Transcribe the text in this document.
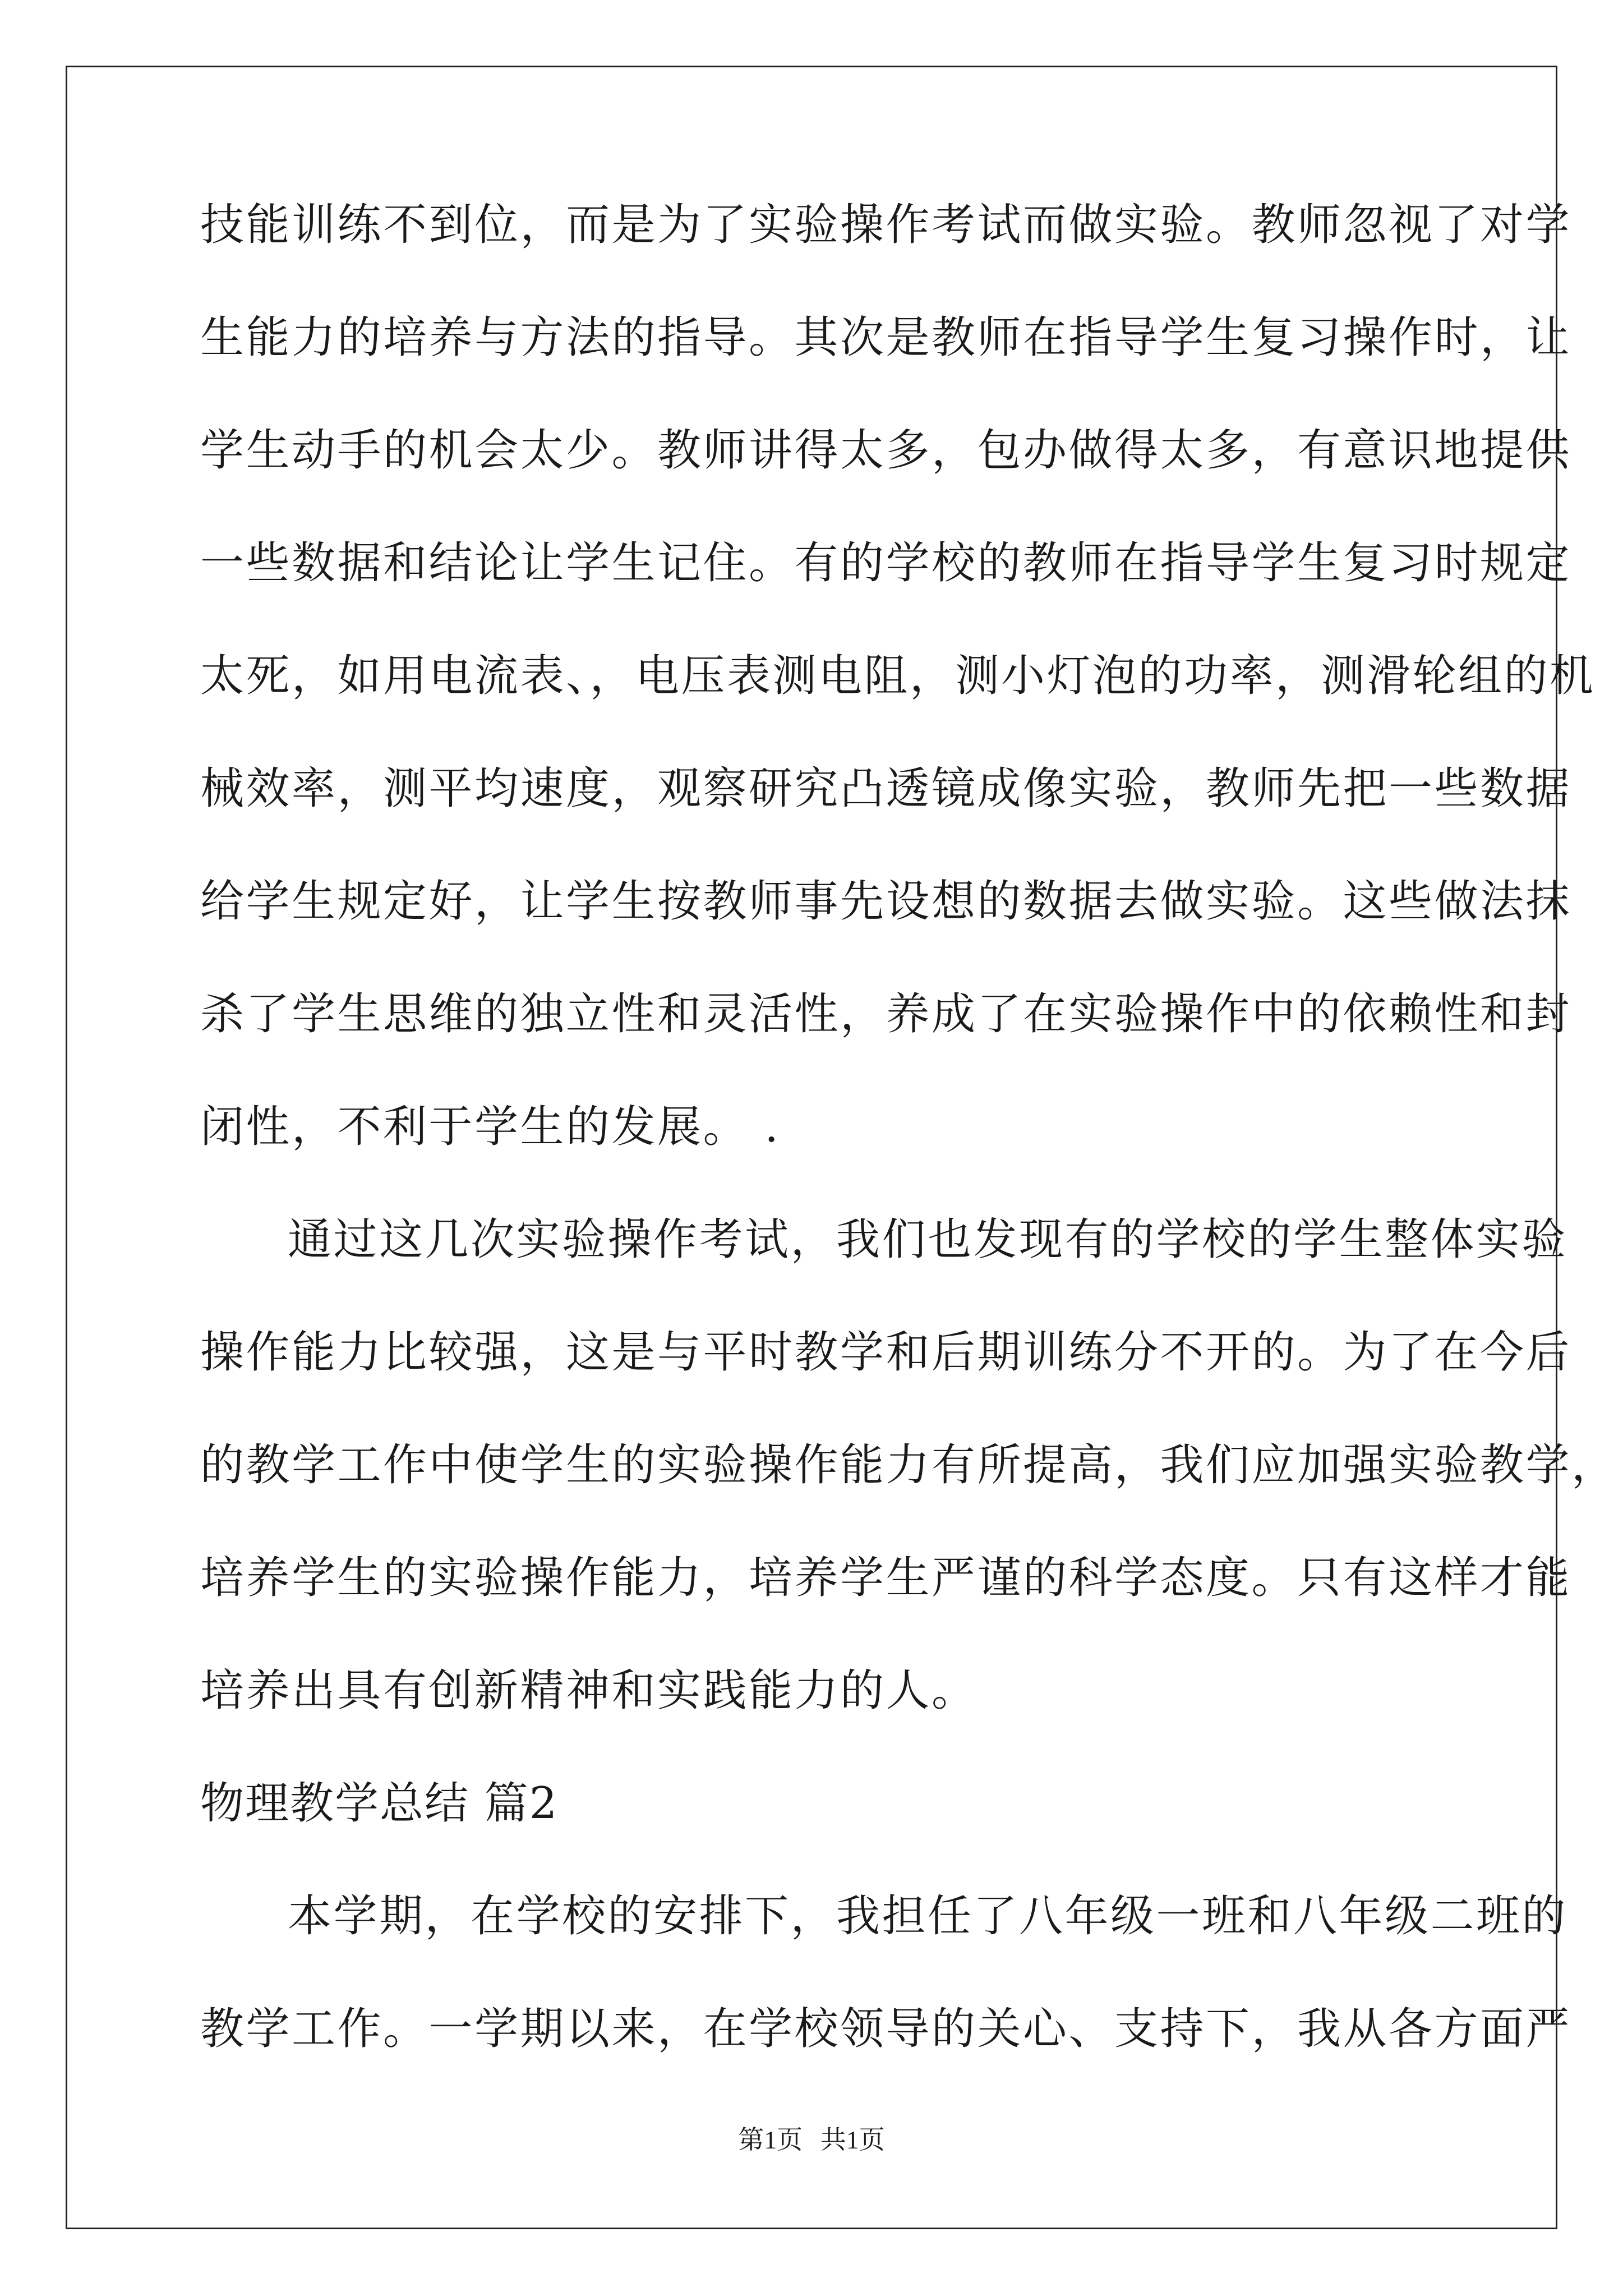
技能训练不到位，而是为了实验操作考试而做实验。教师忽视了对学
生能力的培养与方法的指导。其次是教师在指导学生复习操作时，让
学生动手的机会太少。教师讲得太多，包办做得太多，有意识地提供
一些数据和结论让学生记住。有的学校的教师在指导学生复习时规定
太死，如用电流表、，电压表测电阻，测小灯泡的功率，测滑轮组的机
械效率，测平均速度，观察研究凸透镜成像实验，教师先把一些数据
给学生规定好，让学生按教师事先设想的数据去做实验。这些做法抹
杀了学生思维的独立性和灵活性，养成了在实验操作中的依赖性和封
闭性，不利于学生的发展。 .
通过这几次实验操作考试，我们也发现有的学校的学生整体实验
操作能力比较强，这是与平时教学和后期训练分不开的。为了在今后
的教学工作中使学生的实验操作能力有所提高，我们应加强实验教学，
培养学生的实验操作能力，培养学生严谨的科学态度。只有这样才能
培养出具有创新精神和实践能力的人。
物理教学总结 篇2
本学期，在学校的安排下，我担任了八年级一班和八年级二班的
教学工作。一学期以来，在学校领导的关心、支持下，我从各方面严
第1页 共1页
